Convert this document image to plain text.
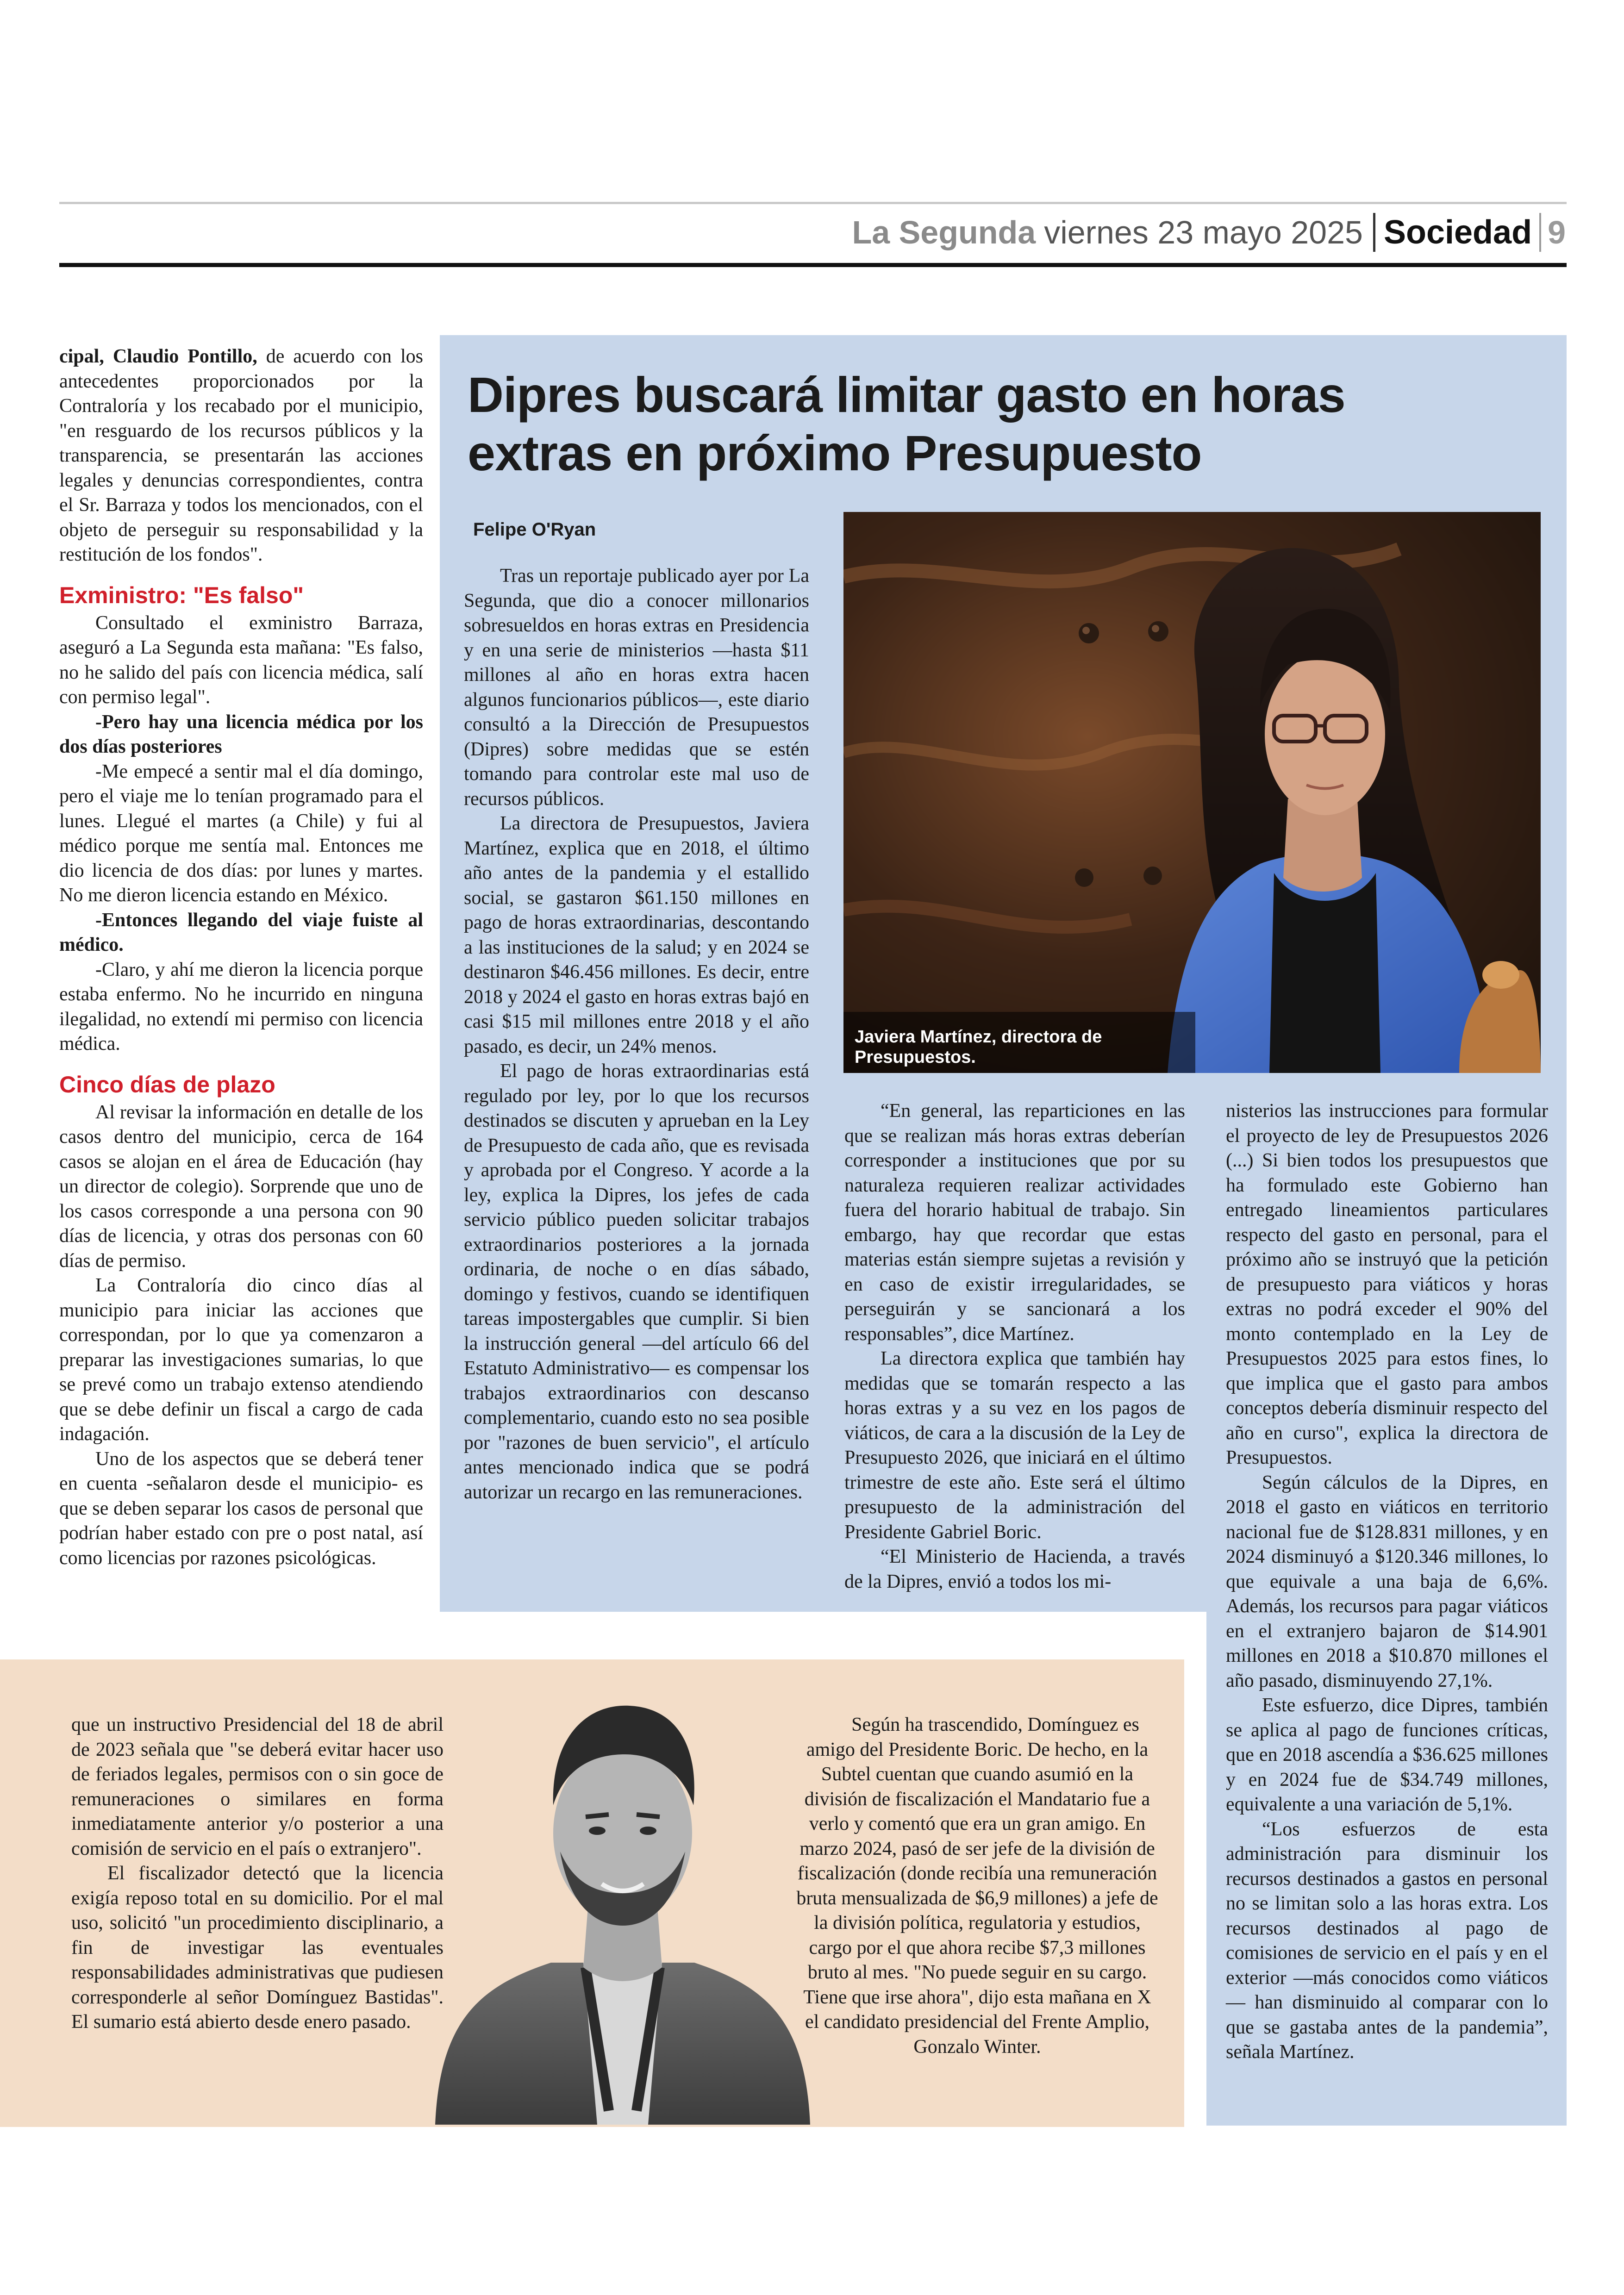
La Segunda viernes 23 mayo 2025 Sociedad 9

cipal, Claudio Pontillo, de acuerdo con los antecedentes proporcionados por la Contraloría y los recabado por el municipio, "en resguardo de los recursos públicos y la transparencia, se presentarán las acciones legales y denuncias correspondientes, contra el Sr. Barraza y todos los mencionados, con el objeto de perseguir su responsabilidad y la restitución de los fondos".

Exministro: "Es falso"

Consultado el exministro Barraza, aseguró a La Segunda esta mañana: "Es falso, no he salido del país con licencia médica, salí con permiso legal".

-Pero hay una licencia médica por los dos días posteriores

-Me empecé a sentir mal el día domingo, pero el viaje me lo tenían programado para el lunes. Llegué el martes (a Chile) y fui al médico porque me sentía mal. Entonces me dio licencia de dos días: por lunes y martes. No me dieron licencia estando en México.

-Entonces llegando del viaje fuiste al médico.

-Claro, y ahí me dieron la licencia porque estaba enfermo. No he incurrido en ninguna ilegalidad, no extendí mi permiso con licencia médica.

Cinco días de plazo

Al revisar la información en detalle de los casos dentro del municipio, cerca de 164 casos se alojan en el área de Educación (hay un director de colegio). Sorprende que uno de los casos corresponde a una persona con 90 días de licencia, y otras dos personas con 60 días de permiso.

La Contraloría dio cinco días al municipio para iniciar las acciones que correspondan, por lo que ya comenzaron a preparar las investigaciones sumarias, lo que se prevé como un trabajo extenso atendiendo que se debe definir un fiscal a cargo de cada indagación.

Uno de los aspectos que se deberá tener en cuenta -señalaron desde el municipio- es que se deben separar los casos de personal que podrían haber estado con pre o post natal, así como licencias por razones psicológicas.

Dipres buscará limitar gasto en horas extras en próximo Presupuesto
Felipe O'Ryan
Javiera Martínez, directora de Presupuestos.

Tras un reportaje publicado ayer por La Segunda, que dio a conocer millonarios sobresueldos en horas extras en Presidencia y en una serie de ministerios —hasta $11 millones al año en horas extra hacen algunos funcionarios públicos—, este diario consultó a la Dirección de Presupuestos (Dipres) sobre medidas que se estén tomando para controlar este mal uso de recursos públicos.

La directora de Presupuestos, Javiera Martínez, explica que en 2018, el último año antes de la pandemia y el estallido social, se gastaron $61.150 millones en pago de horas extraordinarias, descontando a las instituciones de la salud; y en 2024 se destinaron $46.456 millones. Es decir, entre 2018 y 2024 el gasto en horas extras bajó en casi $15 mil millones entre 2018 y el año pasado, es decir, un 24% menos.

El pago de horas extraordinarias está regulado por ley, por lo que los recursos destinados se discuten y aprueban en la Ley de Presupuesto de cada año, que es revisada y aprobada por el Congreso. Y acorde a la ley, explica la Dipres, los jefes de cada servicio público pueden solicitar trabajos extraordinarios posteriores a la jornada ordinaria, de noche o en días sábado, domingo y festivos, cuando se identifiquen tareas impostergables que cumplir. Si bien la instrucción general —del artículo 66 del Estatuto Administrativo— es compensar los trabajos extraordinarios con descanso complementario, cuando esto no sea posible por "razones de buen servicio", el artículo antes mencionado indica que se podrá autorizar un recargo en las remuneraciones.

“En general, las reparticiones en las que se realizan más horas extras deberían corresponder a instituciones que por su naturaleza requieren realizar actividades fuera del horario habitual de trabajo. Sin embargo, hay que recordar que estas materias están siempre sujetas a revisión y en caso de existir irregularidades, se perseguirán y se sancionará a los responsables”, dice Martínez.

La directora explica que también hay medidas que se tomarán respecto a las horas extras y a su vez en los pagos de viáticos, de cara a la discusión de la Ley de Presupuesto 2026, que iniciará en el último trimestre de este año. Este será el último presupuesto de la administración del Presidente Gabriel Boric.

“El Ministerio de Hacienda, a través de la Dipres, envió a todos los mi-

que un instructivo Presidencial del 18 de abril de 2023 señala que "se deberá evitar hacer uso de feriados legales, permisos con o sin goce de remuneraciones o similares en forma inmediatamente anterior y/o posterior a una comisión de servicio en el país o extranjero".

El fiscalizador detectó que la licencia exigía reposo total en su domicilio. Por el mal uso, solicitó "un procedimiento disciplinario, a fin de investigar las eventuales responsabilidades administrativas que pudiesen corresponderle al señor Domínguez Bastidas". El sumario está abierto desde enero pasado.

Según ha trascendido, Domínguez es amigo del Presidente Boric. De hecho, en la Subtel cuentan que cuando asumió en la división de fiscalización el Mandatario fue a verlo y comentó que era un gran amigo. En marzo 2024, pasó de ser jefe de la división de fiscalización (donde recibía una remuneración bruta mensualizada de $6,9 millones) a jefe de la división política, regulatoria y estudios, cargo por el que ahora recibe $7,3 millones bruto al mes. "No puede seguir en su cargo. Tiene que irse ahora", dijo esta mañana en X el candidato presidencial del Frente Amplio, Gonzalo Winter.

nisterios las instrucciones para formular el proyecto de ley de Presupuestos 2026 (...) Si bien todos los presupuestos que ha formulado este Gobierno han entregado lineamientos particulares respecto del gasto en personal, para el próximo año se instruyó que la petición de presupuesto para viáticos y horas extras no podrá exceder el 90% del monto contemplado en la Ley de Presupuestos 2025 para estos fines, lo que implica que el gasto para ambos conceptos debería disminuir respecto del año en curso", explica la directora de Presupuestos.

Según cálculos de la Dipres, en 2018 el gasto en viáticos en territorio nacional fue de $128.831 millones, y en 2024 disminuyó a $120.346 millones, lo que equivale a una baja de 6,6%. Además, los recursos para pagar viáticos en el extranjero bajaron de $14.901 millones en 2018 a $10.870 millones el año pasado, disminuyendo 27,1%.

Este esfuerzo, dice Dipres, también se aplica al pago de funciones críticas, que en 2018 ascendía a $36.625 millones y en 2024 fue de $34.749 millones, equivalente a una variación de 5,1%.

“Los esfuerzos de esta administración para disminuir los recursos destinados a gastos en personal no se limitan solo a las horas extra. Los recursos destinados al pago de comisiones de servicio en el país y en el exterior —más conocidos como viáticos— han disminuido al comparar con lo que se gastaba antes de la pandemia”, señala Martínez.
